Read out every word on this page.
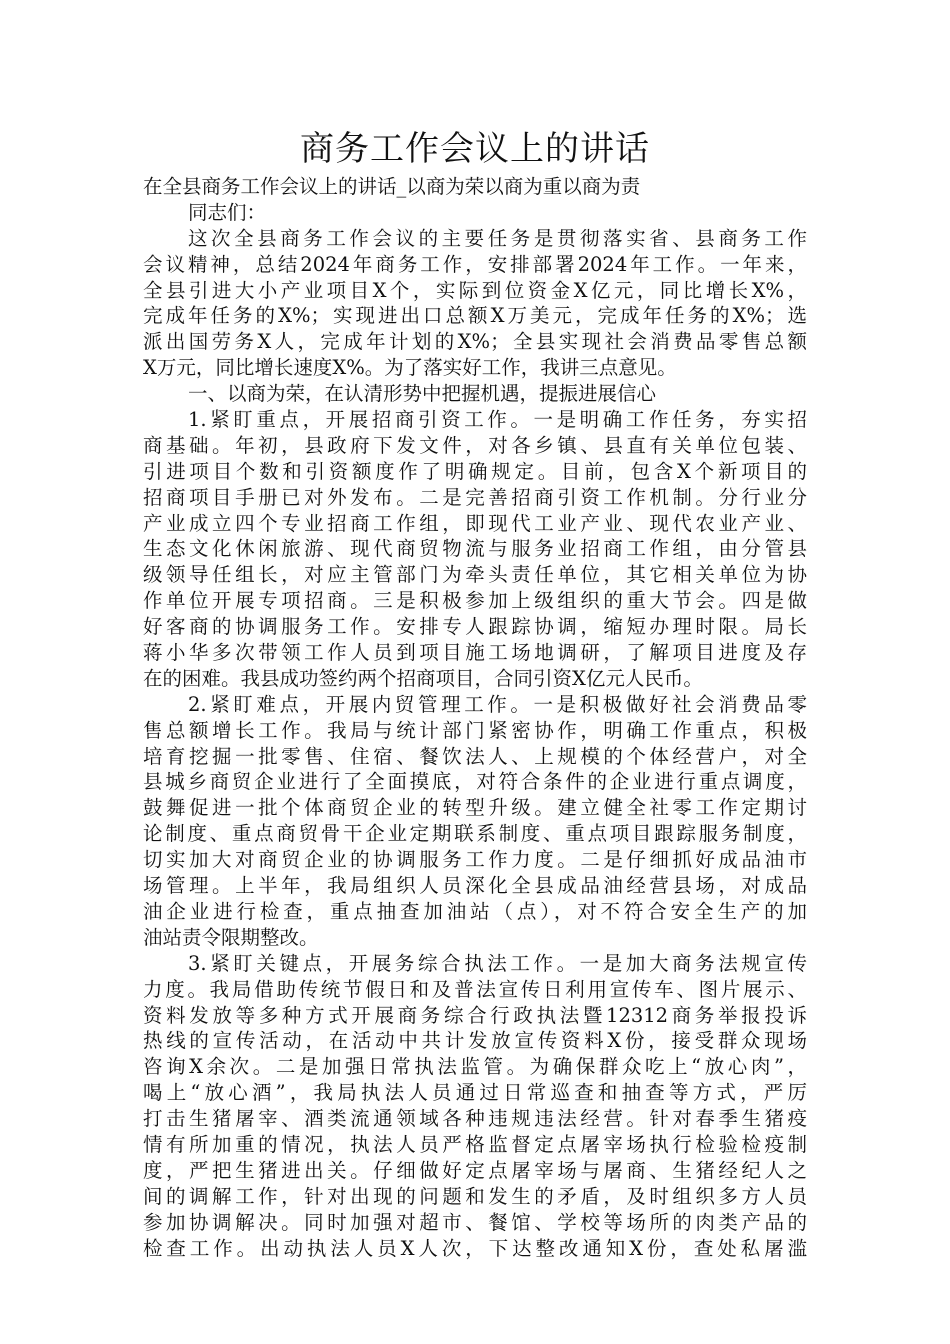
商务工作会议上的讲话
在全县商务工作会议上的讲话_以商为荣以商为重以商为责
同志们：
这次全县商务工作会议的主要任务是贯彻落实省、县商务工作
会议精神，总结2024年商务工作，安排部署2024年工作。一年来，
全县引进大小产业项目X个，实际到位资金X亿元，同比增长X%，
完成年任务的X%；实现进出口总额X万美元，完成年任务的X%；选
派出国劳务X人，完成年计划的X%；全县实现社会消费品零售总额
X万元，同比增长速度X%。为了落实好工作，我讲三点意见。
一、以商为荣，在认清形势中把握机遇，提振进展信心
1.紧盯重点，开展招商引资工作。一是明确工作任务，夯实招
商基础。年初，县政府下发文件，对各乡镇、县直有关单位包装、
引进项目个数和引资额度作了明确规定。目前，包含X个新项目的
招商项目手册已对外发布。二是完善招商引资工作机制。分行业分
产业成立四个专业招商工作组，即现代工业产业、现代农业产业、
生态文化休闲旅游、现代商贸物流与服务业招商工作组，由分管县
级领导任组长，对应主管部门为牵头责任单位，其它相关单位为协
作单位开展专项招商。三是积极参加上级组织的重大节会。四是做
好客商的协调服务工作。安排专人跟踪协调，缩短办理时限。局长
蒋小华多次带领工作人员到项目施工场地调研，了解项目进度及存
在的困难。我县成功签约两个招商项目，合同引资X亿元人民币。
2.紧盯难点，开展内贸管理工作。一是积极做好社会消费品零
售总额增长工作。我局与统计部门紧密协作，明确工作重点，积极
培育挖掘一批零售、住宿、餐饮法人、上规模的个体经营户，对全
县城乡商贸企业进行了全面摸底，对符合条件的企业进行重点调度，
鼓舞促进一批个体商贸企业的转型升级。建立健全社零工作定期讨
论制度、重点商贸骨干企业定期联系制度、重点项目跟踪服务制度，
切实加大对商贸企业的协调服务工作力度。二是仔细抓好成品油市
场管理。上半年，我局组织人员深化全县成品油经营县场，对成品
油企业进行检查，重点抽查加油站（点），对不符合安全生产的加
油站责令限期整改。
3.紧盯关键点，开展务综合执法工作。一是加大商务法规宣传
力度。我局借助传统节假日和及普法宣传日利用宣传车、图片展示、
资料发放等多种方式开展商务综合行政执法暨12312商务举报投诉
热线的宣传活动，在活动中共计发放宣传资料X份，接受群众现场
咨询X余次。二是加强日常执法监管。为确保群众吃上“放心肉”，
喝上“放心酒”，我局执法人员通过日常巡查和抽查等方式，严厉
打击生猪屠宰、酒类流通领域各种违规违法经营。针对春季生猪疫
情有所加重的情况，执法人员严格监督定点屠宰场执行检验检疫制
度，严把生猪进出关。仔细做好定点屠宰场与屠商、生猪经纪人之
间的调解工作，针对出现的问题和发生的矛盾，及时组织多方人员
参加协调解决。同时加强对超市、餐馆、学校等场所的肉类产品的
检查工作。出动执法人员X人次，下达整改通知X份，查处私屠滥
